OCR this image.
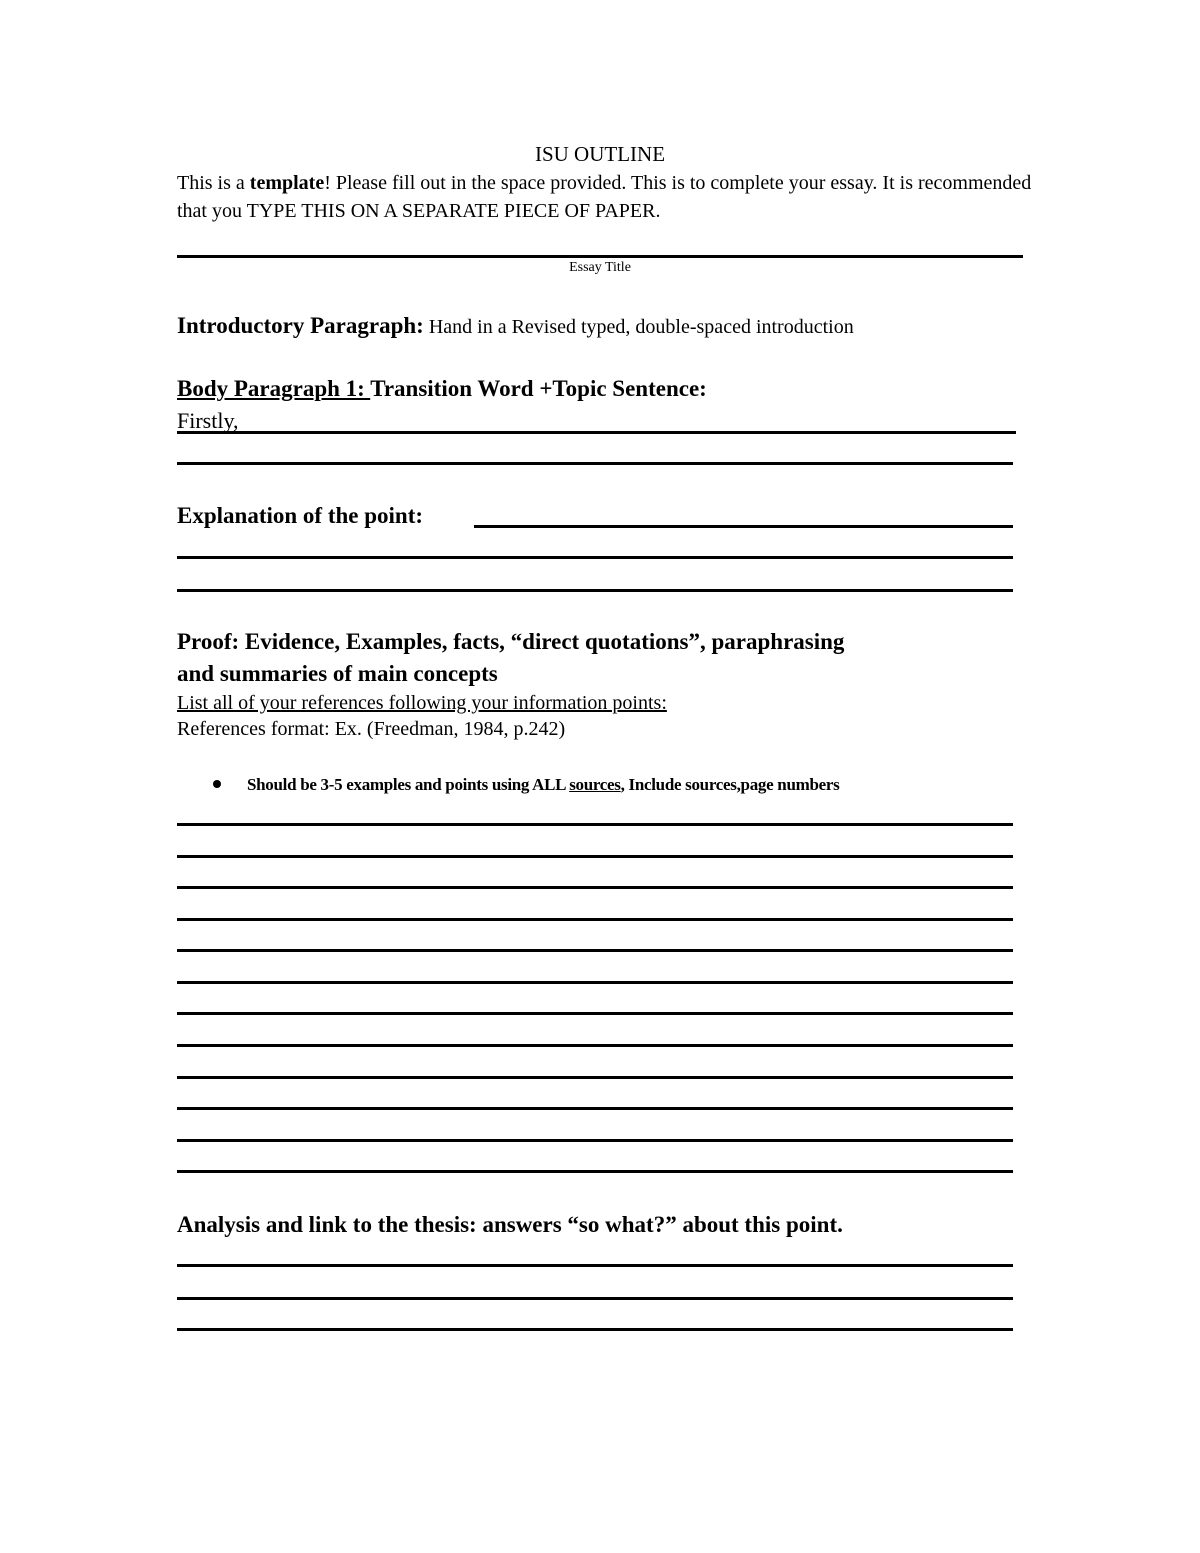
ISU OUTLINE
This is a template! Please fill out in the space provided. This is to complete your essay. It is recommended that you TYPE THIS ON A SEPARATE PIECE OF PAPER.
Essay Title
Introductory Paragraph: Hand in a Revised typed, double-spaced introduction
Body Paragraph 1: Transition Word +Topic Sentence:
Firstly,
Explanation of the point:
Proof: Evidence, Examples, facts, “direct quotations”, paraphrasing
and summaries of main concepts
List all of your references following your information points:
References format: Ex. (Freedman, 1984, p.242)
Should be 3-5 examples and points using ALL sources, Include sources,page numbers
Analysis and link to the thesis: answers “so what?” about this point.
